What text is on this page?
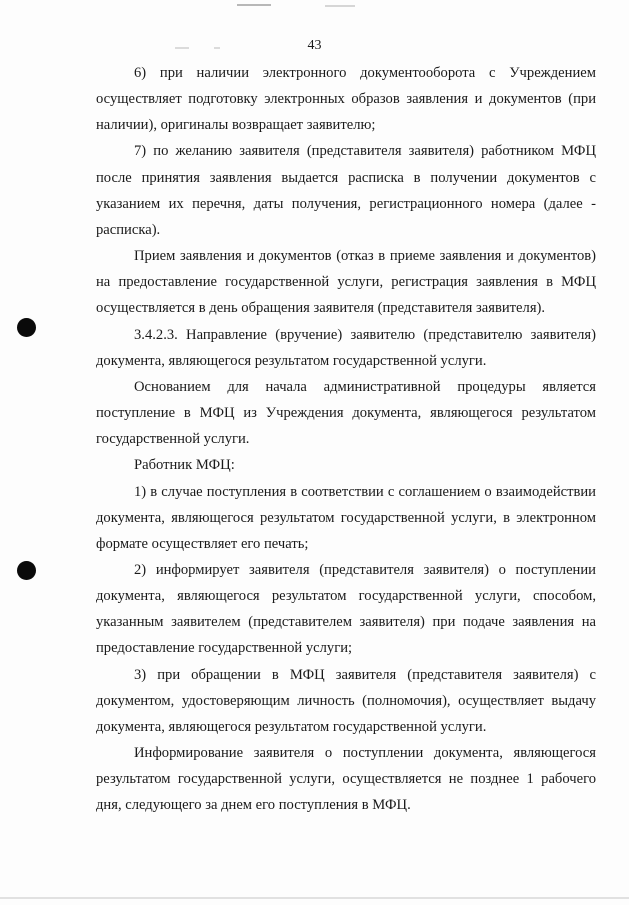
43

6) при наличии электронного документооборота с Учреждением осуществляет подготовку электронных образов заявления и документов (при наличии), оригиналы возвращает заявителю;

7) по желанию заявителя (представителя заявителя) работником МФЦ после принятия заявления выдается расписка в получении документов с указанием их перечня, даты получения, регистрационного номера (далее - расписка).

Прием заявления и документов (отказ в приеме заявления и документов) на предоставление государственной услуги, регистрация заявления в МФЦ осуществляется в день обращения заявителя (представителя заявителя).

3.4.2.3. Направление (вручение) заявителю (представителю заявителя) документа, являющегося результатом государственной услуги.

Основанием для начала административной процедуры является поступление в МФЦ из Учреждения документа, являющегося результатом государственной услуги.

Работник МФЦ:

1) в случае поступления в соответствии с соглашением о взаимодействии документа, являющегося результатом государственной услуги, в электронном формате осуществляет его печать;

2) информирует заявителя (представителя заявителя) о поступлении документа, являющегося результатом государственной услуги, способом, указанным заявителем (представителем заявителя) при подаче заявления на предоставление государственной услуги;

3) при обращении в МФЦ заявителя (представителя заявителя) с документом, удостоверяющим личность (полномочия), осуществляет выдачу документа, являющегося результатом государственной услуги.

Информирование заявителя о поступлении документа, являющегося результатом государственной услуги, осуществляется не позднее 1 рабочего дня, следующего за днем его поступления в МФЦ.
